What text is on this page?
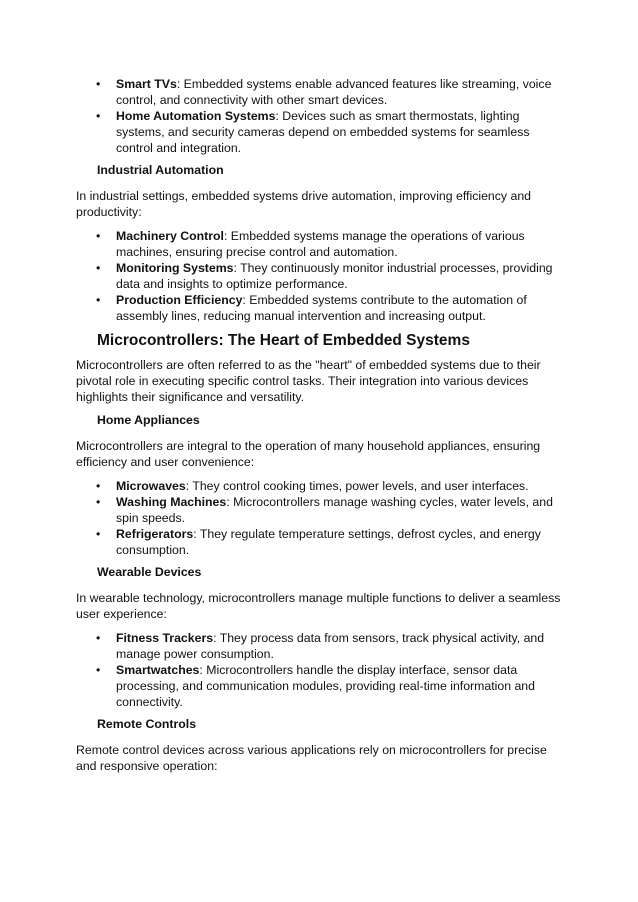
• Smart TVs: Embedded systems enable advanced features like streaming, voice control, and connectivity with other smart devices.
• Home Automation Systems: Devices such as smart thermostats, lighting systems, and security cameras depend on embedded systems for seamless control and integration.
Industrial Automation

In industrial settings, embedded systems drive automation, improving efficiency and productivity:

• Machinery Control: Embedded systems manage the operations of various machines, ensuring precise control and automation.
• Monitoring Systems: They continuously monitor industrial processes, providing data and insights to optimize performance.
• Production Efficiency: Embedded systems contribute to the automation of assembly lines, reducing manual intervention and increasing output.
Microcontrollers: The Heart of Embedded Systems

Microcontrollers are often referred to as the "heart" of embedded systems due to their pivotal role in executing specific control tasks. Their integration into various devices highlights their significance and versatility.

Home Appliances

Microcontrollers are integral to the operation of many household appliances, ensuring efficiency and user convenience:

• Microwaves: They control cooking times, power levels, and user interfaces.
• Washing Machines: Microcontrollers manage washing cycles, water levels, and spin speeds.
• Refrigerators: They regulate temperature settings, defrost cycles, and energy consumption.
Wearable Devices

In wearable technology, microcontrollers manage multiple functions to deliver a seamless user experience:

• Fitness Trackers: They process data from sensors, track physical activity, and manage power consumption.
• Smartwatches: Microcontrollers handle the display interface, sensor data processing, and communication modules, providing real-time information and connectivity.
Remote Controls

Remote control devices across various applications rely on microcontrollers for precise and responsive operation:
